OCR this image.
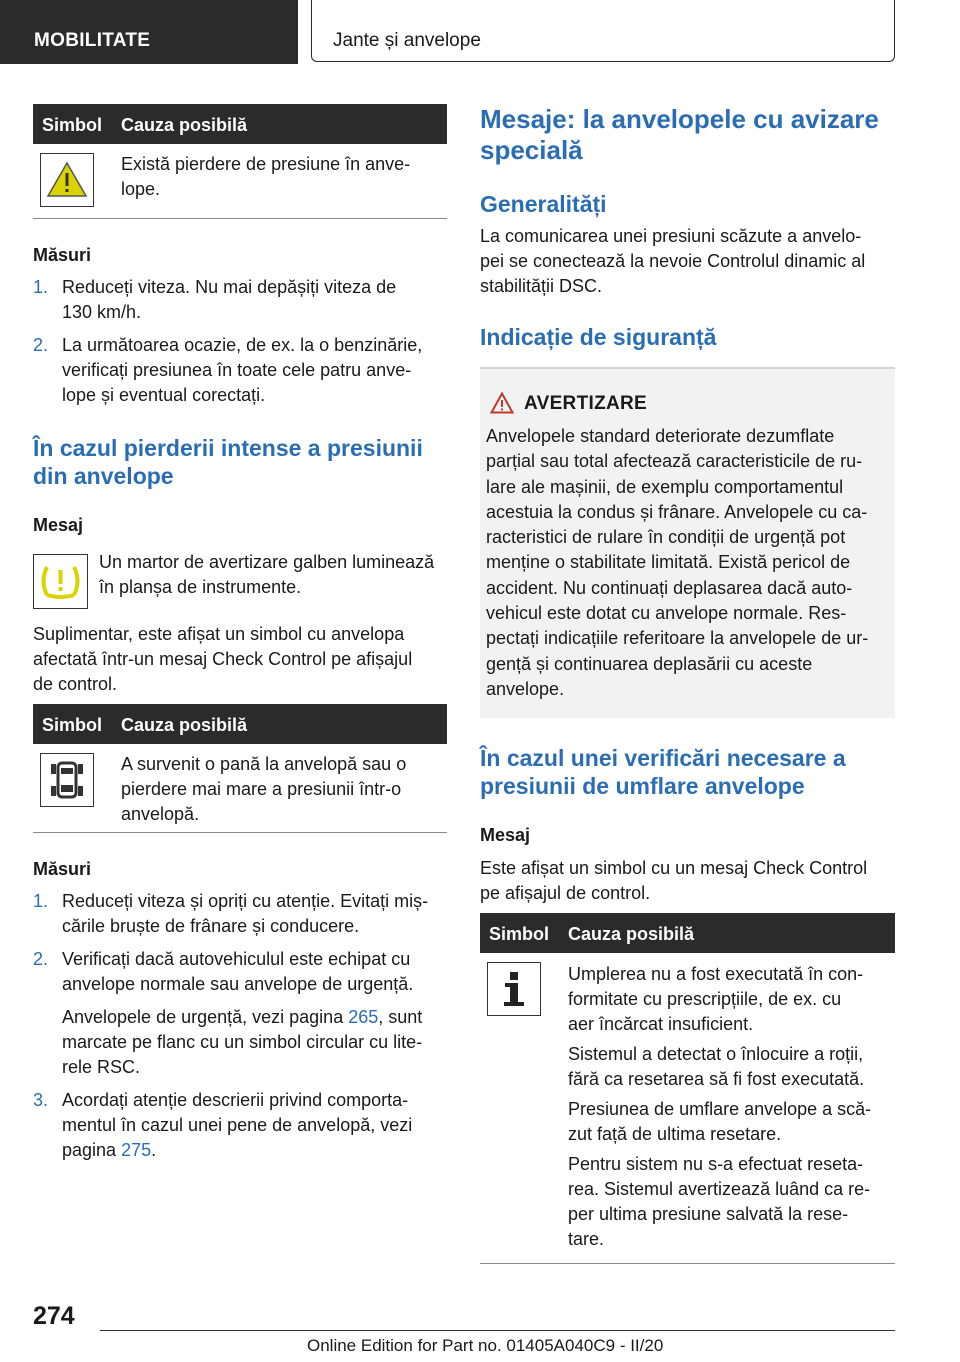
MOBILITATE	Jante și anvelope
Simbol Cauza posibilă
Există pierdere de presiune în anve-
lope.
Măsuri
1. Reduceți viteza. Nu mai depășiți viteza de
130 km/h.
2. La următoarea ocazie, de ex. la o benzinărie,
verificați presiunea în toate cele patru anve-
lope și eventual corectați.
În cazul pierderii intense a presiunii
din anvelope
Mesaj
Un martor de avertizare galben luminează
în planșa de instrumente.
Suplimentar, este afișat un simbol cu anvelopa
afectată într-un mesaj Check Control pe afișajul
de control.
Simbol Cauza posibilă
A survenit o pană la anvelopă sau o
pierdere mai mare a presiunii într-o
anvelopă.
Măsuri
1. Reduceți viteza și opriți cu atenție. Evitați miș-
cările bruște de frânare și conducere.
2. Verificați dacă autovehiculul este echipat cu
anvelope normale sau anvelope de urgență.
Anvelopele de urgență, vezi pagina 265, sunt
marcate pe flanc cu un simbol circular cu lite-
rele RSC.
3. Acordați atenție descrierii privind comporta-
mentul în cazul unei pene de anvelopă, vezi
pagina 275.
Mesaje: la anvelopele cu avizare
specială
Generalități
La comunicarea unei presiuni scăzute a anvelo-
pei se conectează la nevoie Controlul dinamic al
stabilității DSC.
Indicație de siguranță
AVERTIZARE
Anvelopele standard deteriorate dezumflate
parțial sau total afectează caracteristicile de ru-
lare ale mașinii, de exemplu comportamentul
acestuia la condus și frânare. Anvelopele cu ca-
racteristici de rulare în condiții de urgență pot
menține o stabilitate limitată. Există pericol de
accident. Nu continuați deplasarea dacă auto-
vehicul este dotat cu anvelope normale. Res-
pectați indicațiile referitoare la anvelopele de ur-
gență și continuarea deplasării cu aceste
anvelope.
În cazul unei verificări necesare a
presiunii de umflare anvelope
Mesaj
Este afișat un simbol cu un mesaj Check Control
pe afișajul de control.
Simbol Cauza posibilă

Umplerea nu a fost executată în con-
formitate cu prescripțiile, de ex. cu
aer încărcat insuficient.

Sistemul a detectat o înlocuire a roții,
fără ca resetarea să fi fost executată.

Presiunea de umflare anvelope a scă-
zut față de ultima resetare.

Pentru sistem nu s-a efectuat reseta-
rea. Sistemul avertizează luând ca re-
per ultima presiune salvată la rese-
tare.

274
Online Edition for Part no. 01405A040C9 - II/20
